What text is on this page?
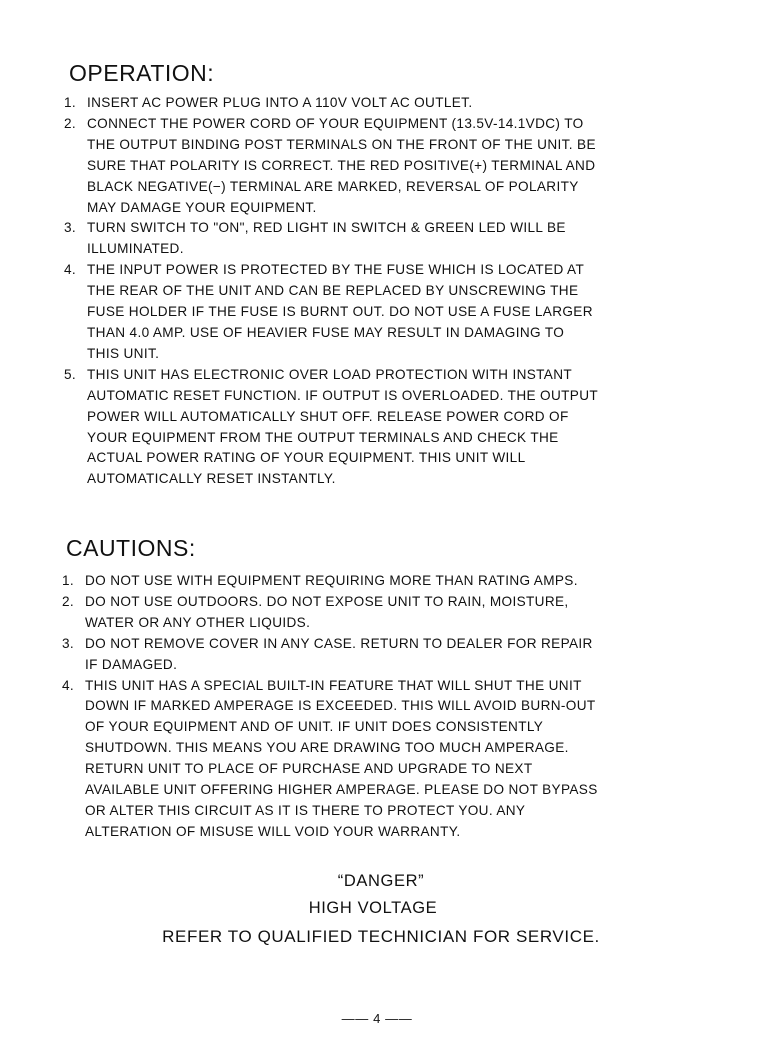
OPERATION:
1. INSERT AC POWER PLUG INTO A 110V VOLT AC OUTLET.
2. CONNECT THE POWER CORD OF YOUR EQUIPMENT (13.5V-14.1VDC) TO
THE OUTPUT BINDING POST TERMINALS ON THE FRONT OF THE UNIT. BE
SURE THAT POLARITY IS CORRECT. THE RED POSITIVE(+) TERMINAL AND
BLACK NEGATIVE(−) TERMINAL ARE MARKED, REVERSAL OF POLARITY
MAY DAMAGE YOUR EQUIPMENT.
3. TURN SWITCH TO "ON", RED LIGHT IN SWITCH & GREEN LED WILL BE
ILLUMINATED.
4. THE INPUT POWER IS PROTECTED BY THE FUSE WHICH IS LOCATED AT
THE REAR OF THE UNIT AND CAN BE REPLACED BY UNSCREWING THE
FUSE HOLDER IF THE FUSE IS BURNT OUT. DO NOT USE A FUSE LARGER
THAN 4.0 AMP. USE OF HEAVIER FUSE MAY RESULT IN DAMAGING TO
THIS UNIT.
5. THIS UNIT HAS ELECTRONIC OVER LOAD PROTECTION WITH INSTANT
AUTOMATIC RESET FUNCTION. IF OUTPUT IS OVERLOADED. THE OUTPUT
POWER WILL AUTOMATICALLY SHUT OFF. RELEASE POWER CORD OF
YOUR EQUIPMENT FROM THE OUTPUT TERMINALS AND CHECK THE
ACTUAL POWER RATING OF YOUR EQUIPMENT. THIS UNIT WILL
AUTOMATICALLY RESET INSTANTLY.
CAUTIONS:
1. DO NOT USE WITH EQUIPMENT REQUIRING MORE THAN RATING AMPS.
2. DO NOT USE OUTDOORS. DO NOT EXPOSE UNIT TO RAIN, MOISTURE,
WATER OR ANY OTHER LIQUIDS.
3. DO NOT REMOVE COVER IN ANY CASE. RETURN TO DEALER FOR REPAIR
IF DAMAGED.
4. THIS UNIT HAS A SPECIAL BUILT-IN FEATURE THAT WILL SHUT THE UNIT
DOWN IF MARKED AMPERAGE IS EXCEEDED. THIS WILL AVOID BURN-OUT
OF YOUR EQUIPMENT AND OF UNIT. IF UNIT DOES CONSISTENTLY
SHUTDOWN. THIS MEANS YOU ARE DRAWING TOO MUCH AMPERAGE.
RETURN UNIT TO PLACE OF PURCHASE AND UPGRADE TO NEXT
AVAILABLE UNIT OFFERING HIGHER AMPERAGE. PLEASE DO NOT BYPASS
OR ALTER THIS CIRCUIT AS IT IS THERE TO PROTECT YOU. ANY
ALTERATION OF MISUSE WILL VOID YOUR WARRANTY.
“DANGER”
HIGH VOLTAGE
REFER TO QUALIFIED TECHNICIAN FOR SERVICE.
—— 4 ——
